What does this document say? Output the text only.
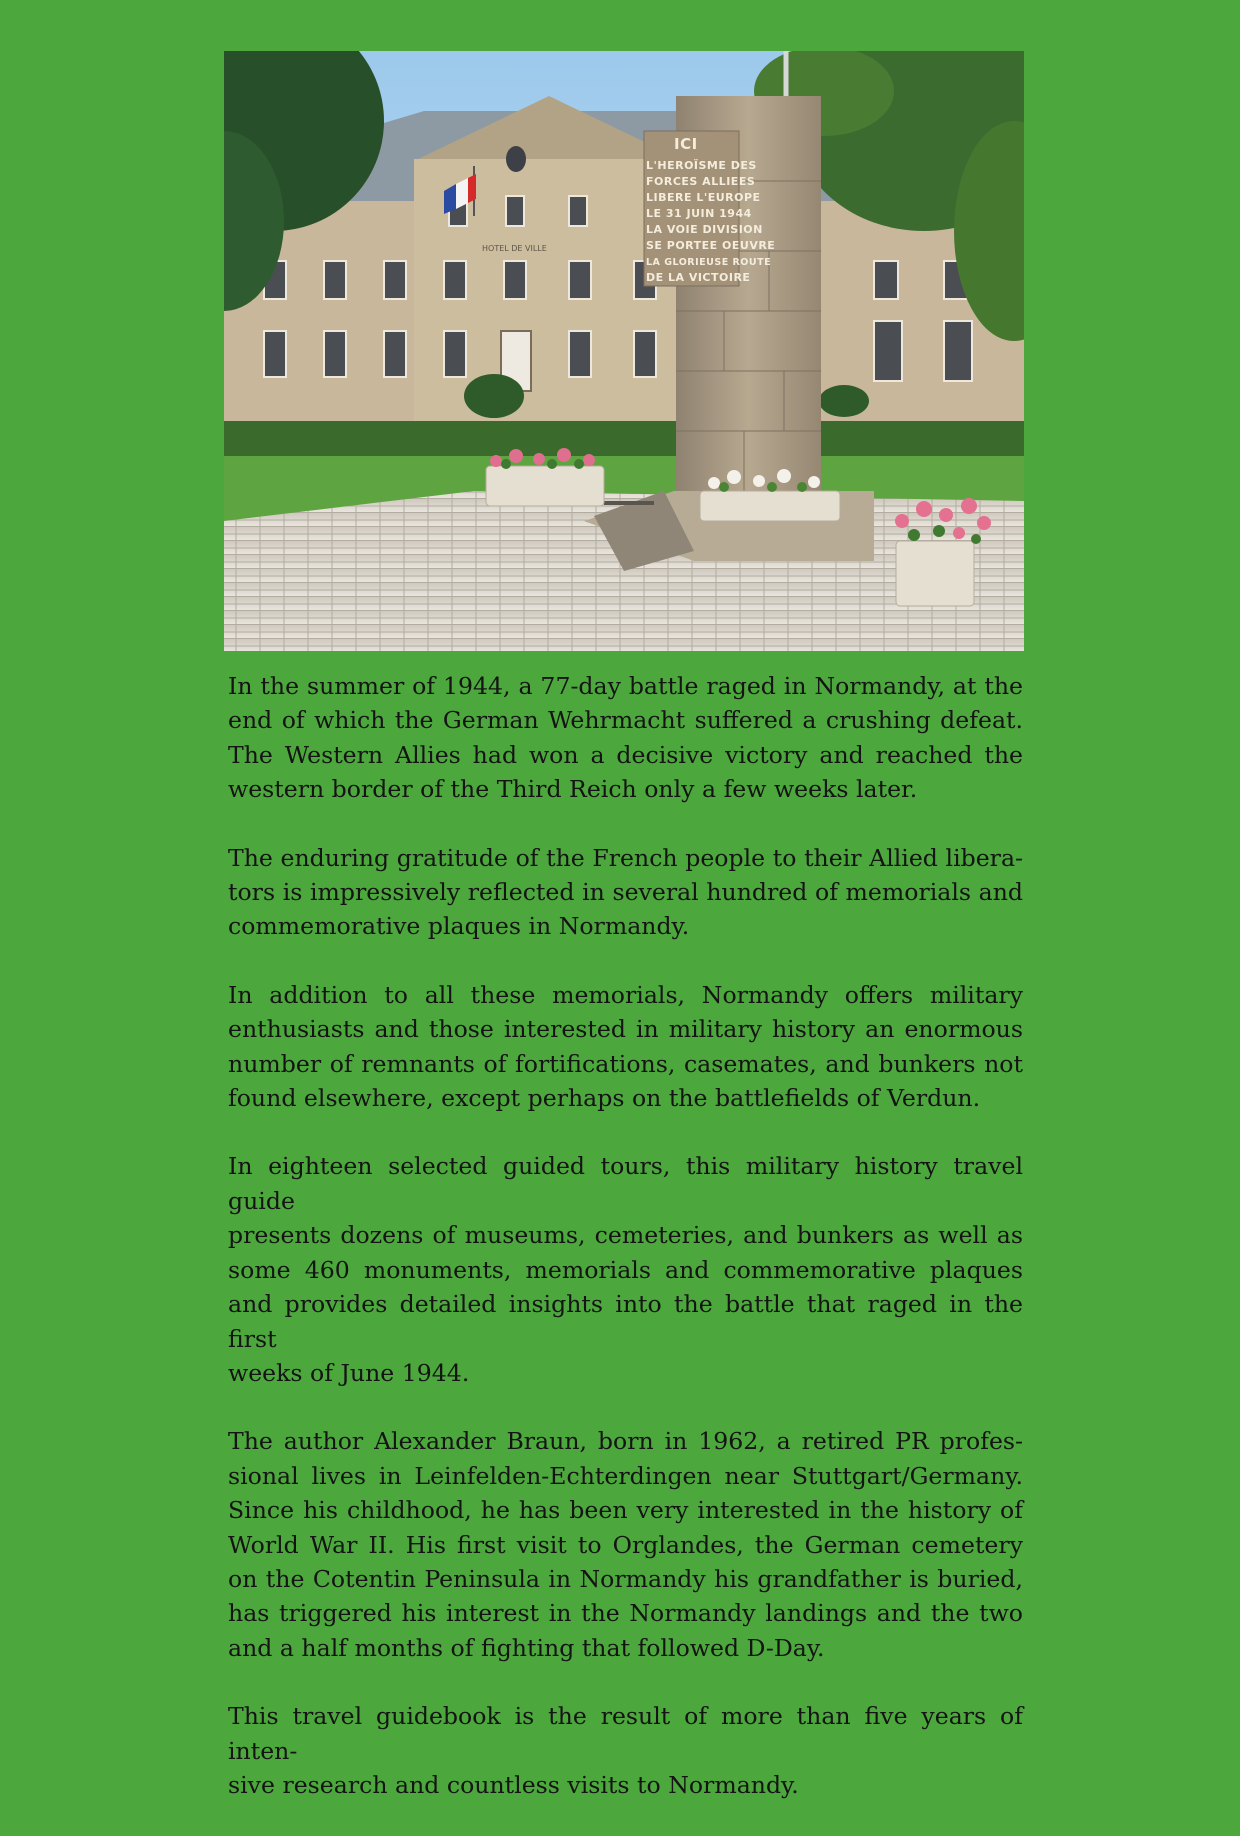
HOTEL DE VILLE
ICI
L'HEROÏSME DES
FORCES ALLIEES
LIBERE L'EUROPE
LE 31 JUIN 1944
LA VOIE DIVISION
SE PORTEE OEUVRE
LA GLORIEUSE ROUTE
DE LA VICTOIRE

In the summer of 1944, a 77-day battle raged in Normandy, at the
end of which the German Wehrmacht suffered a crushing defeat.
The Western Allies had won a decisive victory and reached the
western border of the Third Reich only a few weeks later.

The enduring gratitude of the French people to their Allied libera-
tors is impressively reflected in several hundred of memorials and
commemorative plaques in Normandy.

In addition to all these memorials, Normandy offers military
enthusiasts and those interested in military history an enormous
number of remnants of fortifications, casemates, and bunkers not
found elsewhere, except perhaps on the battlefields of Verdun.

In eighteen selected guided tours, this military history travel guide
presents dozens of museums, cemeteries, and bunkers as well as
some 460 monuments, memorials and commemorative plaques
and provides detailed insights into the battle that raged in the first
weeks of June 1944.

The author Alexander Braun, born in 1962, a retired PR profes-
sional lives in Leinfelden-Echterdingen near Stuttgart/Germany.
Since his childhood, he has been very interested in the history of
World War II. His first visit to Orglandes, the German cemetery
on the Cotentin Peninsula in Normandy his grandfather is buried,
has triggered his interest in the Normandy landings and the two
and a half months of fighting that followed D-Day.

This travel guidebook is the result of more than five years of inten-
sive research and countless visits to Normandy.
